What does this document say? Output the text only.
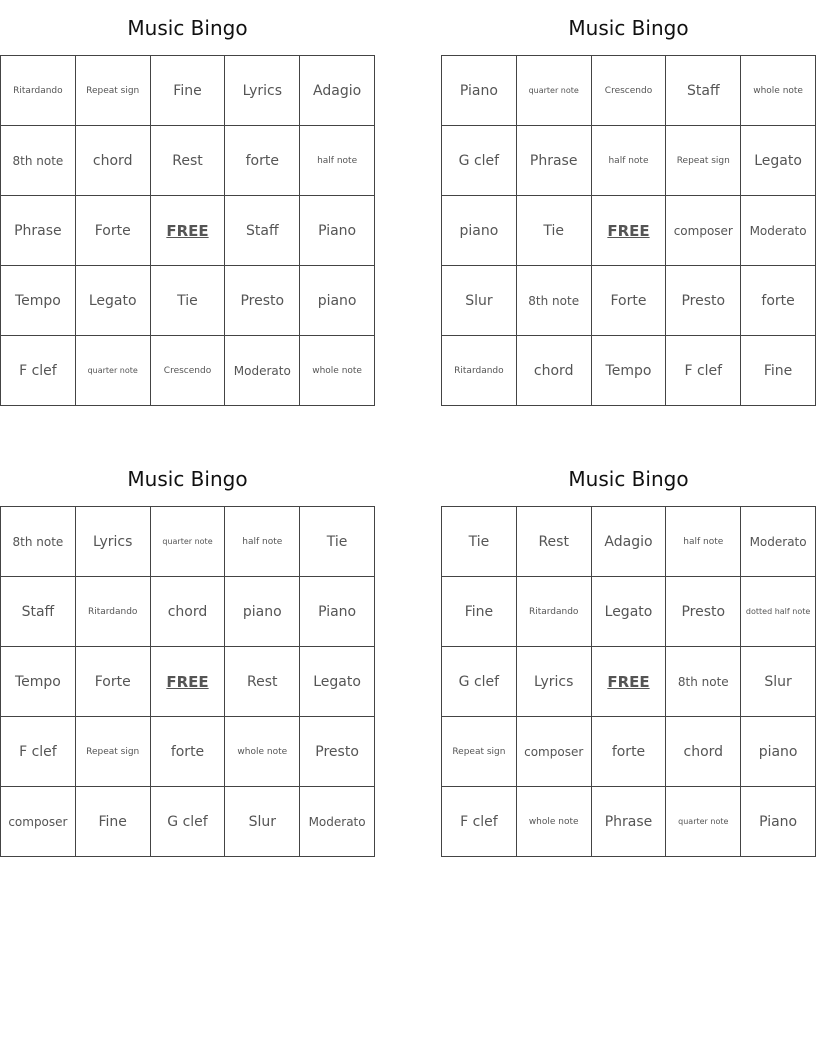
Music Bingo
Ritardando	Repeat sign	Fine	Lyrics	Adagio
8th note	chord	Rest	forte	half note
Phrase	Forte	FREE	Staff	Piano
Tempo	Legato	Tie	Presto	piano
F clef	quarter note	Crescendo	Moderato	whole note
Music Bingo
Piano	quarter note	Crescendo	Staff	whole note
G clef	Phrase	half note	Repeat sign	Legato
piano	Tie	FREE	composer	Moderato
Slur	8th note	Forte	Presto	forte
Ritardando	chord	Tempo	F clef	Fine
Music Bingo
8th note	Lyrics	quarter note	half note	Tie
Staff	Ritardando	chord	piano	Piano
Tempo	Forte	FREE	Rest	Legato
F clef	Repeat sign	forte	whole note	Presto
composer	Fine	G clef	Slur	Moderato
Music Bingo
Tie	Rest	Adagio	half note	Moderato
Fine	Ritardando	Legato	Presto	dotted half note
G clef	Lyrics	FREE	8th note	Slur
Repeat sign	composer	forte	chord	piano
F clef	whole note	Phrase	quarter note	Piano
